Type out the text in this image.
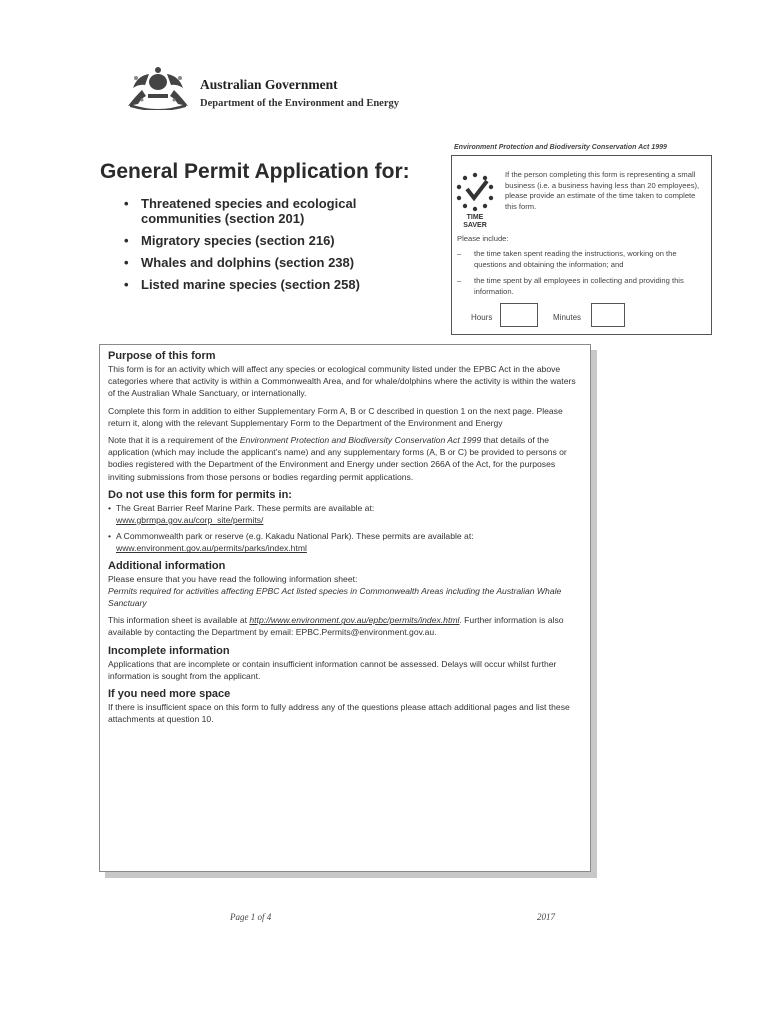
Australian Government
Department of the Environment and Energy
Environment Protection and Biodiversity Conservation Act 1999
General Permit Application for:
• Threatened species and ecological communities (section 201)
• Migratory species (section 216)
• Whales and dolphins (section 238)
• Listed marine species (section 258)
TIME
SAVER
If the person completing this form is representing a small business (i.e. a business having less than 20 employees), please provide an estimate of the time taken to complete this form.
Please include:
– the time taken spent reading the instructions, working on the questions and obtaining the information; and
– the time spent by all employees in collecting and providing this information.
Hours	Minutes
Purpose of this form

This form is for an activity which will affect any species or ecological community listed under the EPBC Act in the above categories where that activity is within a Commonwealth Area, and for whale/dolphins where the activity is within the waters of the Australian Whale Sanctuary, or internationally.

Complete this form in addition to either Supplementary Form A, B or C described in question 1 on the next page. Please return it, along with the relevant Supplementary Form to the Department of the Environment and Energy

Note that it is a requirement of the Environment Protection and Biodiversity Conservation Act 1999 that details of the application (which may include the applicant's name) and any supplementary forms (A, B or C) be provided to persons or bodies registered with the Department of the Environment and Energy under section 266A of the Act, for the purposes inviting submissions from those persons or bodies regarding permit applications.

Do not use this form for permits in:
• The Great Barrier Reef Marine Park. These permits are available at:
www.gbrmpa.gov.au/corp_site/permits/
• A Commonwealth park or reserve (e.g. Kakadu National Park). These permits are available at:
www.environment.gov.au/permits/parks/index.html
Additional information

Please ensure that you have read the following information sheet:
Permits required for activities affecting EPBC Act listed species in Commonwealth Areas including the Australian Whale Sanctuary

This information sheet is available at http://www.environment.gov.au/epbc/permits/index.html. Further information is also available by contacting the Department by email: EPBC.Permits@environment.gov.au.

Incomplete information

Applications that are incomplete or contain insufficient information cannot be assessed. Delays will occur whilst further information is sought from the applicant.

If you need more space

If there is insufficient space on this form to fully address any of the questions please attach additional pages and list these attachments at question 10.

Page 1 of 4	2017
